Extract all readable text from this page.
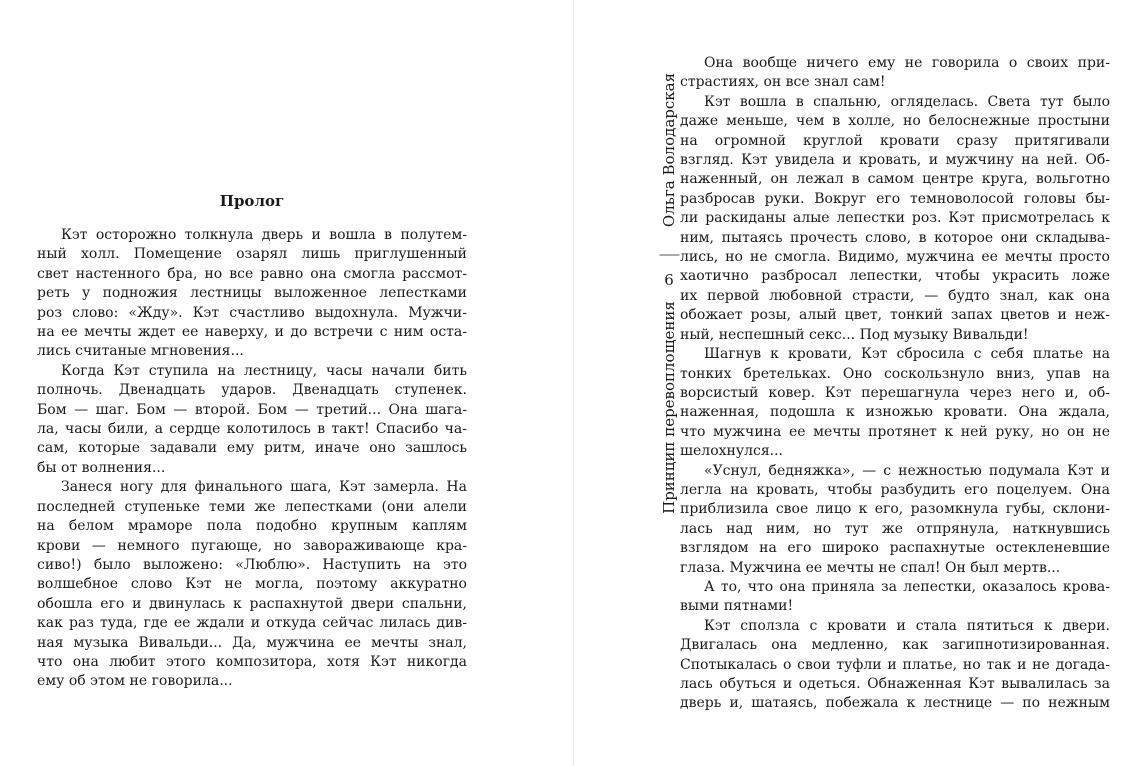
Пролог
Кэт осторожно толкнула дверь и вошла в полутем-
ный холл. Помещение озарял лишь приглушенный
свет настенного бра, но все равно она смогла рассмот-
реть у подножия лестницы выложенное лепестками
роз слово: «Жду». Кэт счастливо выдохнула. Мужчи-
на ее мечты ждет ее наверху, и до встречи с ним оста-
лись считаные мгновения...
Когда Кэт ступила на лестницу, часы начали бить
полночь. Двенадцать ударов. Двенадцать ступенек.
Бом — шаг. Бом — второй. Бом — третий... Она шага-
ла, часы били, а сердце колотилось в такт! Спасибо ча-
сам, которые задавали ему ритм, иначе оно зашлось
бы от волнения...
Занеся ногу для финального шага, Кэт замерла. На
последней ступеньке теми же лепестками (они алели
на белом мраморе пола подобно крупным каплям
крови — немного пугающе, но завораживающе кра-
сиво!) было выложено: «Люблю». Наступить на это
волшебное слово Кэт не могла, поэтому аккуратно
обошла его и двинулась к распахнутой двери спальни,
как раз туда, где ее ждали и откуда сейчас лилась див-
ная музыка Вивальди... Да, мужчина ее мечты знал,
что она любит этого композитора, хотя Кэт никогда
ему об этом не говорила...
Принцип перевоплощения
6
Ольга Володарская
Она вообще ничего ему не говорила о своих при-
страстиях, он все знал сам!
Кэт вошла в спальню, огляделась. Света тут было
даже меньше, чем в холле, но белоснежные простыни
на огромной круглой кровати сразу притягивали
взгляд. Кэт увидела и кровать, и мужчину на ней. Об-
наженный, он лежал в самом центре круга, вольготно
разбросав руки. Вокруг его темноволосой головы бы-
ли раскиданы алые лепестки роз. Кэт присмотрелась к
ним, пытаясь прочесть слово, в которое они складыва-
лись, но не смогла. Видимо, мужчина ее мечты просто
хаотично разбросал лепестки, чтобы украсить ложе
их первой любовной страсти, — будто знал, как она
обожает розы, алый цвет, тонкий запах цветов и неж-
ный, неспешный секс... Под музыку Вивальди!
Шагнув к кровати, Кэт сбросила с себя платье на
тонких бретельках. Оно соскользнуло вниз, упав на
ворсистый ковер. Кэт перешагнула через него и, об-
наженная, подошла к изножью кровати. Она ждала,
что мужчина ее мечты протянет к ней руку, но он не
шелохнулся...
«Уснул, бедняжка», — с нежностью подумала Кэт и
легла на кровать, чтобы разбудить его поцелуем. Она
приблизила свое лицо к его, разомкнула губы, склони-
лась над ним, но тут же отпрянула, наткнувшись
взглядом на его широко распахнутые остекленевшие
глаза. Мужчина ее мечты не спал! Он был мертв...
А то, что она приняла за лепестки, оказалось крова-
выми пятнами!
Кэт сползла с кровати и стала пятиться к двери.
Двигалась она медленно, как загипнотизированная.
Спотыкалась о свои туфли и платье, но так и не догада-
лась обуться и одеться. Обнаженная Кэт вывалилась за
дверь и, шатаясь, побежала к лестнице — по нежным
